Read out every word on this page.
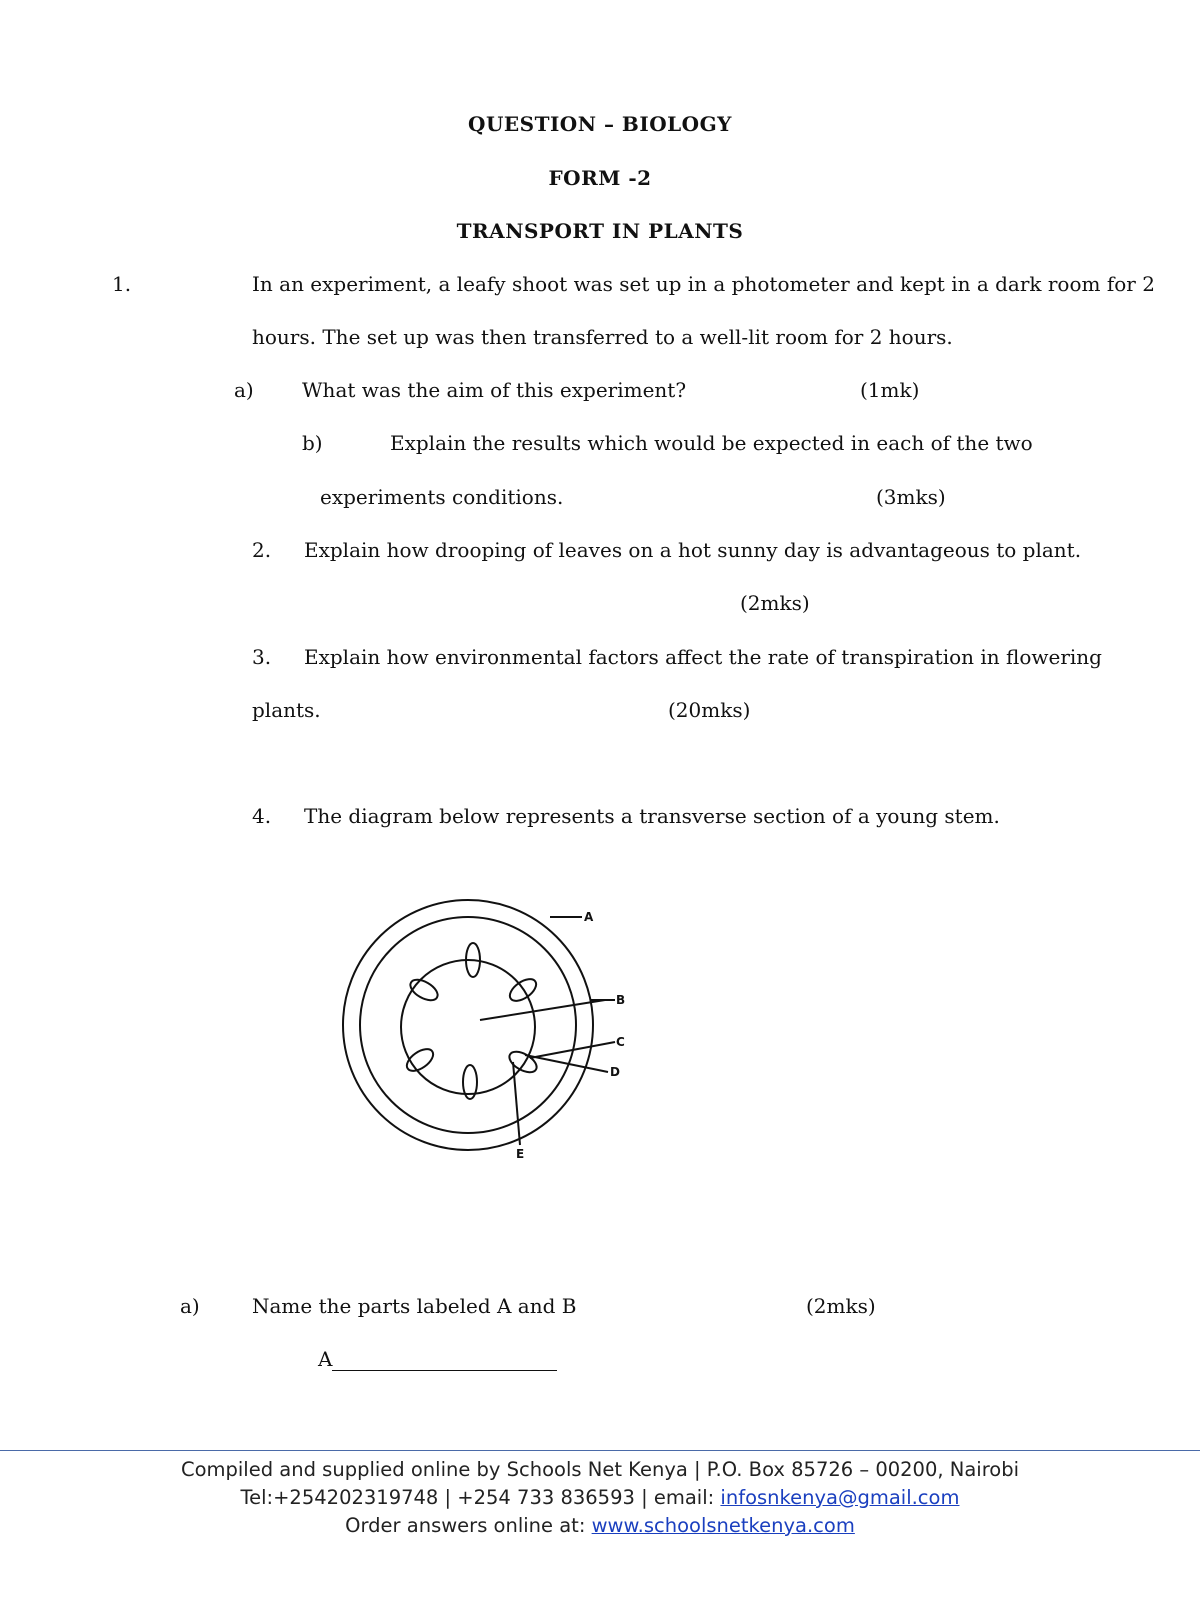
QUESTION – BIOLOGY
FORM -2
TRANSPORT IN PLANTS
1.	In an experiment, a leafy shoot was set up in a photometer and kept in a dark room for 2
hours. The set up was then transferred to a well-lit room for 2 hours.
a) What was the aim of this experiment?	(1mk)
b)	Explain the results which would be expected in each of the two
experiments conditions.	(3mks)
2. Explain how drooping of leaves on a hot sunny day is advantageous to plant.
(2mks)
3. Explain how environmental factors affect the rate of transpiration in flowering
plants.	(20mks)
4. The diagram below represents a transverse section of a young stem.
A
B
C
D
E
a)	Name the parts labeled A and B	(2mks)
A
Compiled and supplied online by Schools Net Kenya | P.O. Box 85726 – 00200, Nairobi
Tel:+254202319748 | +254 733 836593 | email: infosnkenya@gmail.com
Order answers online at: www.schoolsnetkenya.com
